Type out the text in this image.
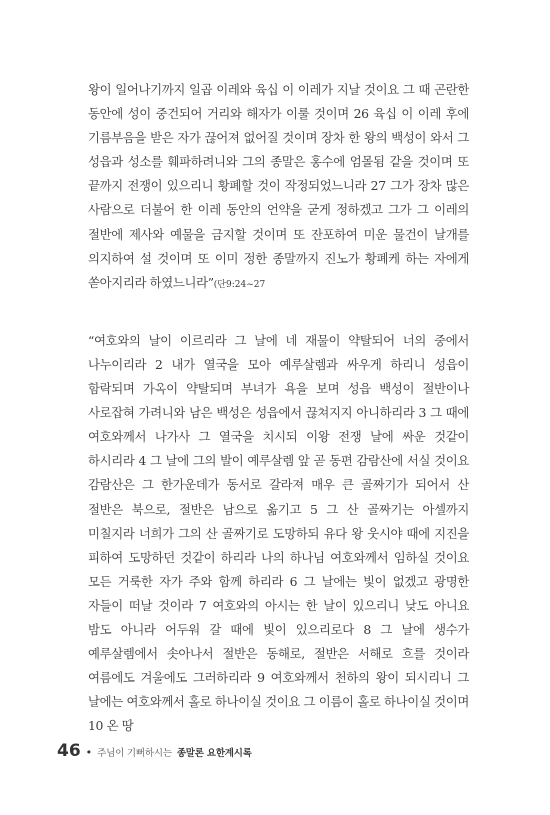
왕이 일어나기까지 일곱 이레와 육십 이 이레가 지날 것이요 그 때 곤란한 동안에 성이 중건되어 거리와 해자가 이룰 것이며 26 육십 이 이레 후에 기름부음을 받은 자가 끊어져 없어질 것이며 장차 한 왕의 백성이 와서 그 성읍과 성소를 훼파하려니와 그의 종말은 홍수에 엄몰됨 같을 것이며 또 끝까지 전쟁이 있으리니 황폐할 것이 작정되었느니라 27 그가 장차 많은 사람으로 더불어 한 이레 동안의 언약을 굳게 정하겠고 그가 그 이레의 절반에 제사와 예물을 금지할 것이며 또 잔포하여 미운 물건이 날개를 의지하여 설 것이며 또 이미 정한 종말까지 진노가 황폐케 하는 자에게 쏟아지리라 하였느니라”(단9:24~27

“여호와의 날이 이르리라 그 날에 네 재물이 약탈되어 너의 중에서 나누이리라 2 내가 열국을 모아 예루살렘과 싸우게 하리니 성읍이 함락되며 가옥이 약탈되며 부녀가 욕을 보며 성읍 백성이 절반이나 사로잡혀 가려니와 남은 백성은 성읍에서 끊쳐지지 아니하리라 3 그 때에 여호와께서 나가사 그 열국을 치시되 이왕 전쟁 날에 싸운 것같이 하시리라 4 그 날에 그의 발이 예루살렘 앞 곧 동편 감람산에 서실 것이요 감람산은 그 한가운데가 동서로 갈라져 매우 큰 골짜기가 되어서 산 절반은 북으로, 절반은 남으로 옮기고 5 그 산 골짜기는 아셀까지 미칠지라 너희가 그의 산 골짜기로 도망하되 유다 왕 웃시야 때에 지진을 피하여 도망하던 것같이 하리라 나의 하나님 여호와께서 임하실 것이요 모든 거룩한 자가 주와 함께 하리라 6 그 날에는 빛이 없겠고 광명한 자들이 떠날 것이라 7 여호와의 아시는 한 날이 있으리니 낮도 아니요 밤도 아니라 어두워 갈 때에 빛이 있으리로다 8 그 날에 생수가 예루살렘에서 솟아나서 절반은 동해로, 절반은 서해로 흐를 것이라 여름에도 겨울에도 그러하리라 9 여호와께서 천하의 왕이 되시리니 그 날에는 여호와께서 홀로 하나이실 것이요 그 이름이 홀로 하나이실 것이며 10 온 땅

46 • 주님이 기뻐하시는 종말론 요한계시록
